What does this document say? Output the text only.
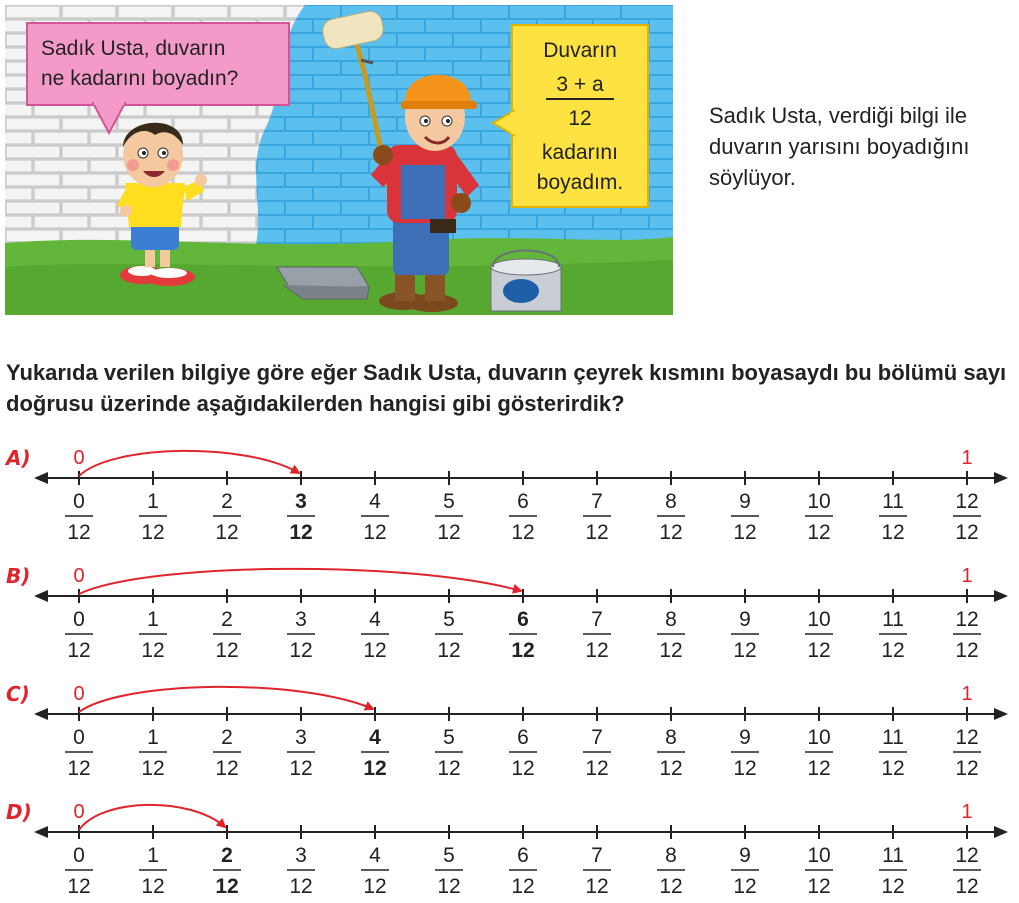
Sadık Usta, duvarın
ne kadarını boyadın?
Duvarın
3 + a
12
kadarını
boyadım.
Sadık Usta, verdiği bilgi ile duvarın yarısını boyadığını söylüyor.
Yukarıda verilen bilgiye göre eğer Sadık Usta, duvarın çeyrek kısmını boyasaydı bu bölümü sayı doğrusu üzerinde aşağıdakilerden hangisi gibi gösterirdik?
A) 0	1
0
12
1
12
2
12
3
12
4
12
5
12
6
12
7
12
8
12
9
12
10
12
11
12
12
12
B) 0	1
0
12
1
12
2
12
3
12
4
12
5
12
6
12
7
12
8
12
9
12
10
12
11
12
12
12
C) 0	1
0
12
1
12
2
12
3
12
4
12
5
12
6
12
7
12
8
12
9
12
10
12
11
12
12
12
D) 0	1
0
12
1
12
2
12
3
12
4
12
5
12
6
12
7
12
8
12
9
12
10
12
11
12
12
12
